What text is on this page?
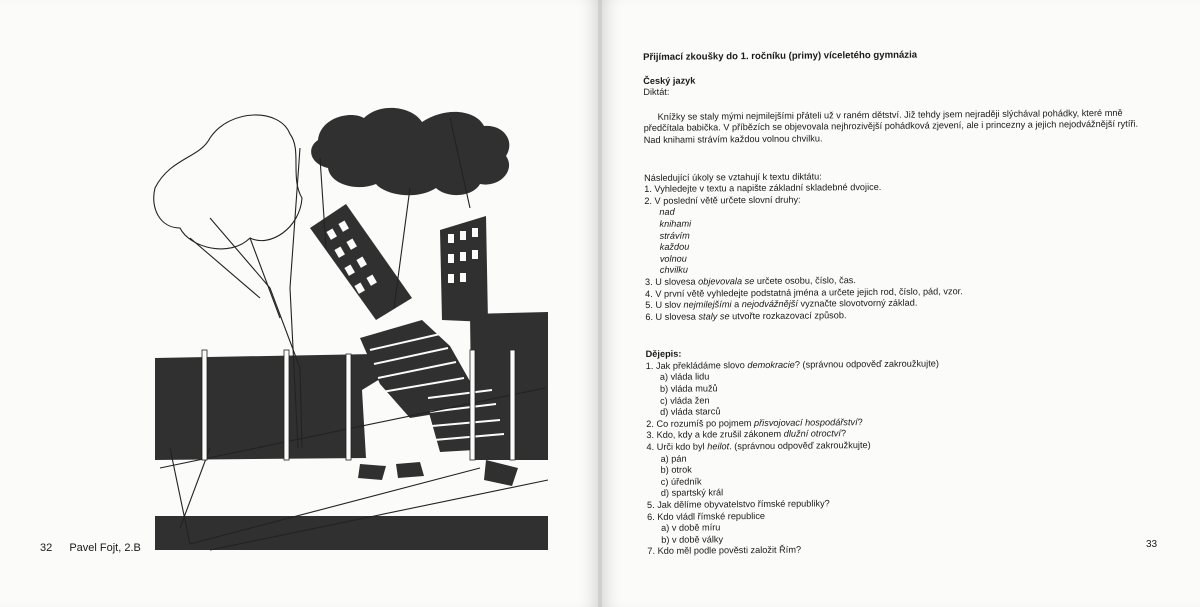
32 Pavel Fojt, 2.B

Přijímací zkoušky do 1. ročníku (primy) víceletého gymnázia

Český jazyk

Diktát:

Knížky se staly mými nejmilejšími přáteli už v raném dětství. Již tehdy jsem nejraději slýchával pohádky, které mně předčítala babička. V příbězích se objevovala nejhrozivější pohádková zjevení, ale i princezny a jejich nejodvážnější rytíři. Nad knihami strávím každou volnou chvilku.

Následující úkoly se vztahují k textu diktátu:

1. Vyhledejte v textu a napište základní skladebné dvojice.

2. V poslední větě určete slovní druhy:

nad

knihami

strávím

každou

volnou

chvilku

3. U slovesa objevovala se určete osobu, číslo, čas.

4. V první větě vyhledejte podstatná jména a určete jejich rod, číslo, pád, vzor.

5. U slov nejmilejšími a nejodvážnější vyznačte slovotvorný základ.

6. U slovesa staly se utvořte rozkazovací způsob.

Dějepis:

1. Jak překládáme slovo demokracie? (správnou odpověď zakroužkujte)

a) vláda lidu

b) vláda mužů

c) vláda žen

d) vláda starců

2. Co rozumíš po pojmem přisvojovací hospodářství?

3. Kdo, kdy a kde zrušil zákonem dlužní otroctví?

4. Urči kdo byl heilot. (správnou odpověď zakroužkujte)

a) pán

b) otrok

c) úředník

d) spartský král

5. Jak dělíme obyvatelstvo římské republiky?

6. Kdo vládl římské republice

a) v době míru

b) v době války

7. Kdo měl podle pověsti založit Řím?

33
